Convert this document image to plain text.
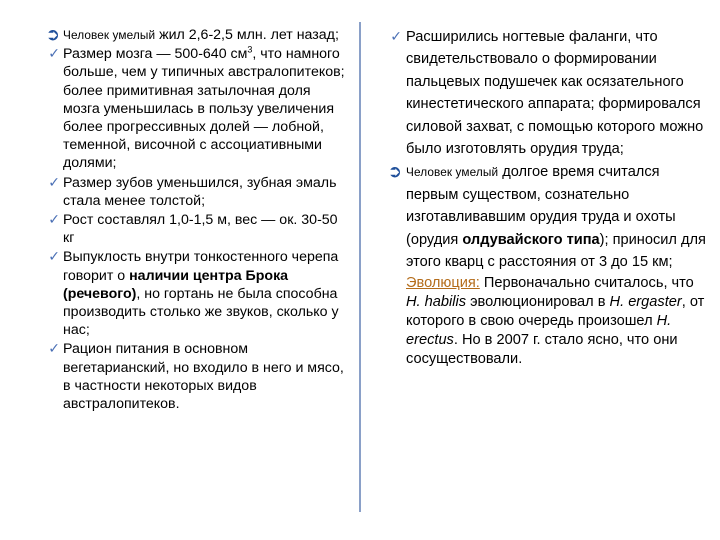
➲ Человек умелый жил 2,6-2,5 млн. лет назад;
✓ Размер мозга — 500-640 $см^3$, что намного больше, чем у типичных австралопитеков; более примитивная затылочная доля мозга уменьшилась в пользу увеличения более прогрессивных долей — лобной, теменной, височной с ассоциативными долями;
✓ Размер зубов уменьшился, зубная эмаль стала менее толстой;
✓ Рост составлял 1,0-1,5 м, вес — ок. 30-50 кг
✓ Выпуклость внутри тонкостенного черепа говорит о наличии центра Брока (речевого), но гортань не была способна производить столько же звуков, сколько у нас;
✓ Рацион питания в основном вегетарианский, но входило в него и мясо, в частности некоторых видов австралопитеков.
✓ Расширились ногтевые фаланги, что свидетельствовало о формировании пальцевых подушечек как осязательного кинестетического аппарата; формировался силовой захват, с помощью которого можно было изготовлять орудия труда;
➲ Человек умелый долгое время считался первым существом, сознательно изготавливавшим орудия труда и охоты (орудия олдувайского типа); приносил для этого кварц с расстояния от 3 до 15 км;
Эволюция: Первоначально считалось, что H. habilis эволюционировал в H. ergaster, от которого в свою очередь произошел H. erectus. Но в 2007 г. стало ясно, что они сосуществовали.
